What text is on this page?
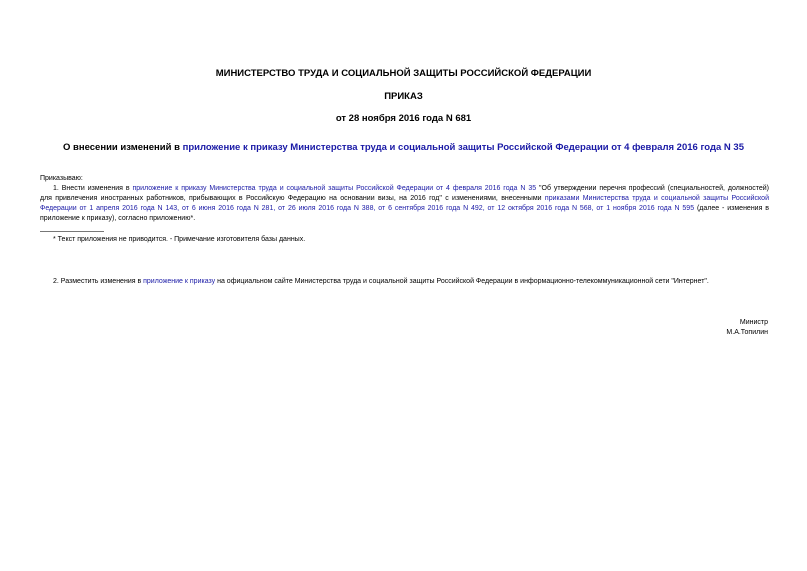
МИНИСТЕРСТВО ТРУДА И СОЦИАЛЬНОЙ ЗАЩИТЫ РОССИЙСКОЙ ФЕДЕРАЦИИ
ПРИКАЗ
от 28 ноября 2016 года N 681
О внесении изменений в приложение к приказу Министерства труда и социальной защиты Российской Федерации от 4 февраля 2016 года N 35
Приказываю:
1. Внести изменения в приложение к приказу Министерства труда и социальной защиты Российской Федерации от 4 февраля 2016 года N 35 "Об утверждении перечня профессий (специальностей, должностей)
для привлечения иностранных работников, прибывающих в Российскую Федерацию на основании визы, на 2016 год" с изменениями, внесенными приказами Министерства труда и социальной защиты Российской
Федерации от 1 апреля 2016 года N 143, от 6 июня 2016 года N 281, от 26 июля 2016 года N 388, от 6 сентября 2016 года N 492, от 12 октября 2016 года N 568, от 1 ноября 2016 года N 595 (далее - изменения в
приложение к приказу), согласно приложению*.
* Текст приложения не приводится. - Примечание изготовителя базы данных.
2. Разместить изменения в приложение к приказу на официальном сайте Министерства труда и социальной защиты Российской Федерации в информационно-телекоммуникационной сети "Интернет".
Министр
М.А.Топилин
